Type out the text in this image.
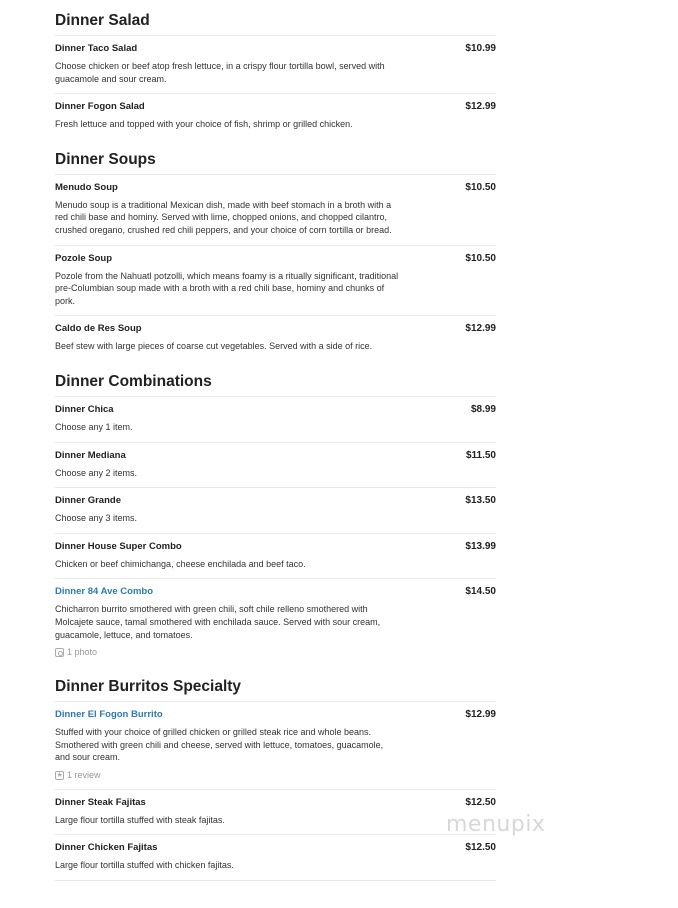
Dinner Salad
Dinner Taco Salad	$10.99
Choose chicken or beef atop fresh lettuce, in a crispy flour tortilla bowl, served with guacamole and sour cream.
Dinner Fogon Salad	$12.99
Fresh lettuce and topped with your choice of fish, shrimp or grilled chicken.
Dinner Soups
Menudo Soup	$10.50
Menudo soup is a traditional Mexican dish, made with beef stomach in a broth with a red chili base and hominy. Served with lime, chopped onions, and chopped cilantro, crushed oregano, crushed red chili peppers, and your choice of corn tortilla or bread.
Pozole Soup	$10.50
Pozole from the Nahuatl potzolli, which means foamy is a ritually significant, traditional pre-Columbian soup made with a broth with a red chili base, hominy and chunks of pork.
Caldo de Res Soup	$12.99
Beef stew with large pieces of coarse cut vegetables. Served with a side of rice.
Dinner Combinations
Dinner Chica	$8.99
Choose any 1 item.
Dinner Mediana	$11.50
Choose any 2 items.
Dinner Grande	$13.50
Choose any 3 items.
Dinner House Super Combo	$13.99
Chicken or beef chimichanga, cheese enchilada and beef taco.
Dinner 84 Ave Combo	$14.50
Chicharron burrito smothered with green chili, soft chile relleno smothered with Molcajete sauce, tamal smothered with enchilada sauce. Served with sour cream, guacamole, lettuce, and tomatoes.
1 photo
Dinner Burritos Specialty
Dinner El Fogon Burrito	$12.99
Stuffed with your choice of grilled chicken or grilled steak rice and whole beans. Smothered with green chili and cheese, served with lettuce, tomatoes, guacamole, and sour cream.
★
1 review
Dinner Steak Fajitas	$12.50
Large flour tortilla stuffed with steak fajitas.
Dinner Chicken Fajitas	$12.50
Large flour tortilla stuffed with chicken fajitas.
menupix
